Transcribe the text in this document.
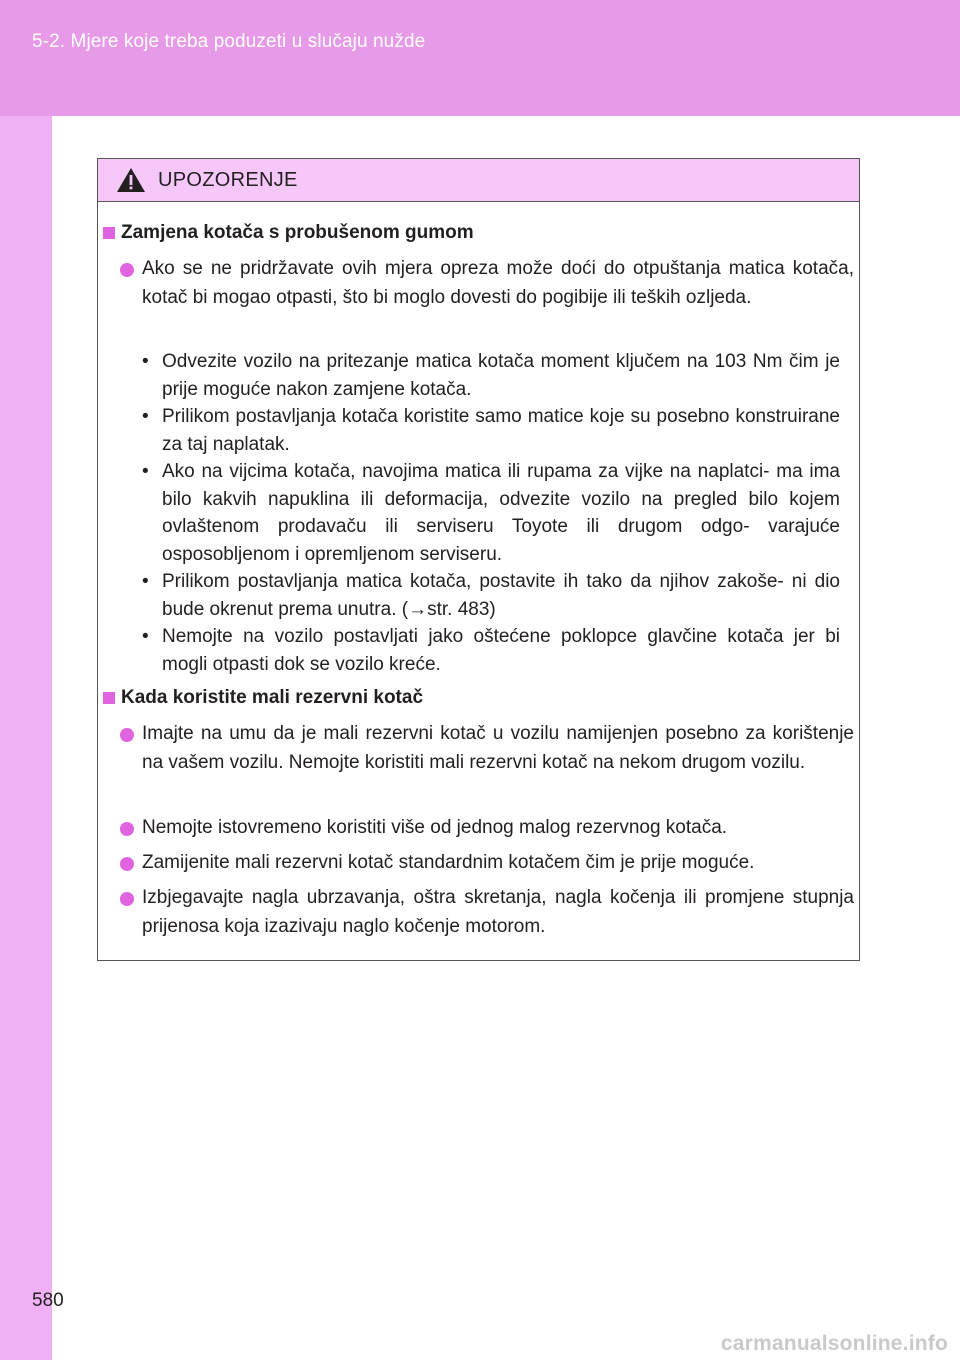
5-2. Mjere koje treba poduzeti u slučaju nužde
UPOZORENJE
Zamjena kotača s probušenom gumom
Ako se ne pridržavate ovih mjera opreza može doći do otpuštanja matica kotača, kotač bi mogao otpasti, što bi moglo dovesti do pogibije ili teških ozljeda.
• Odvezite vozilo na pritezanje matica kotača moment ključem na 103 Nm čim je prije moguće nakon zamjene kotača.
• Prilikom postavljanja kotača koristite samo matice koje su posebno konstruirane za taj naplatak.
• Ako na vijcima kotača, navojima matica ili rupama za vijke na naplatci- ma ima bilo kakvih napuklina ili deformacija, odvezite vozilo na pregled bilo kojem ovlaštenom prodavaču ili serviseru Toyote ili drugom odgo- varajuće osposobljenom i opremljenom serviseru.
• Prilikom postavljanja matica kotača, postavite ih tako da njihov zakoše- ni dio bude okrenut prema unutra. (→str. 483)
• Nemojte na vozilo postavljati jako oštećene poklopce glavčine kotača jer bi mogli otpasti dok se vozilo kreće.
Kada koristite mali rezervni kotač
Imajte na umu da je mali rezervni kotač u vozilu namijenjen posebno za korištenje na vašem vozilu. Nemojte koristiti mali rezervni kotač na nekom drugom vozilu.
Nemojte istovremeno koristiti više od jednog malog rezervnog kotača.
Zamijenite mali rezervni kotač standardnim kotačem čim je prije moguće.
Izbjegavajte nagla ubrzavanja, oštra skretanja, nagla kočenja ili promjene stupnja prijenosa koja izazivaju naglo kočenje motorom.
580
carmanualsonline.info
